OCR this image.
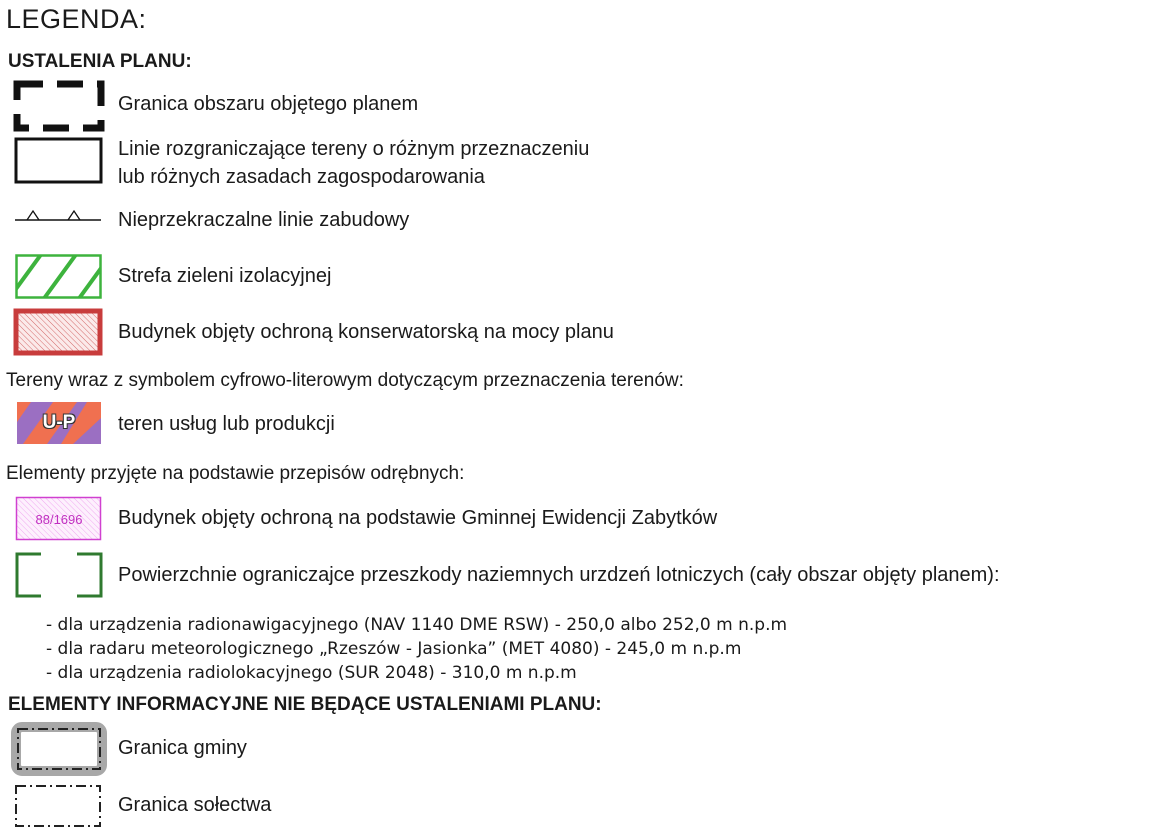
LEGENDA:
USTALENIA PLANU:
Granica obszaru objętego planem
Linie rozgraniczające tereny o różnym przeznaczeniu
lub różnych zasadach zagospodarowania
Nieprzekraczalne linie zabudowy
Strefa zieleni izolacyjnej
Budynek objęty ochroną konserwatorską na mocy planu
Tereny wraz z symbolem cyfrowo-literowym dotyczącym przeznaczenia terenów:
U-P	teren usług lub produkcji
Elementy przyjęte na podstawie przepisów odrębnych:
88/1696	Budynek objęty ochroną na podstawie Gminnej Ewidencji Zabytków
Powierzchnie ograniczajce przeszkody naziemnych urzdzeń lotniczych (cały obszar objęty planem):
- dla urządzenia radionawigacyjnego (NAV 1140 DME RSW) - 250,0 albo 252,0 m n.p.m
- dla radaru meteorologicznego „Rzeszów - Jasionka” (MET 4080) - 245,0 m n.p.m
- dla urządzenia radiolokacyjnego (SUR 2048) - 310,0 m n.p.m
ELEMENTY INFORMACYJNE NIE BĘDĄCE USTALENIAMI PLANU:
Granica gminy
Granica sołectwa
